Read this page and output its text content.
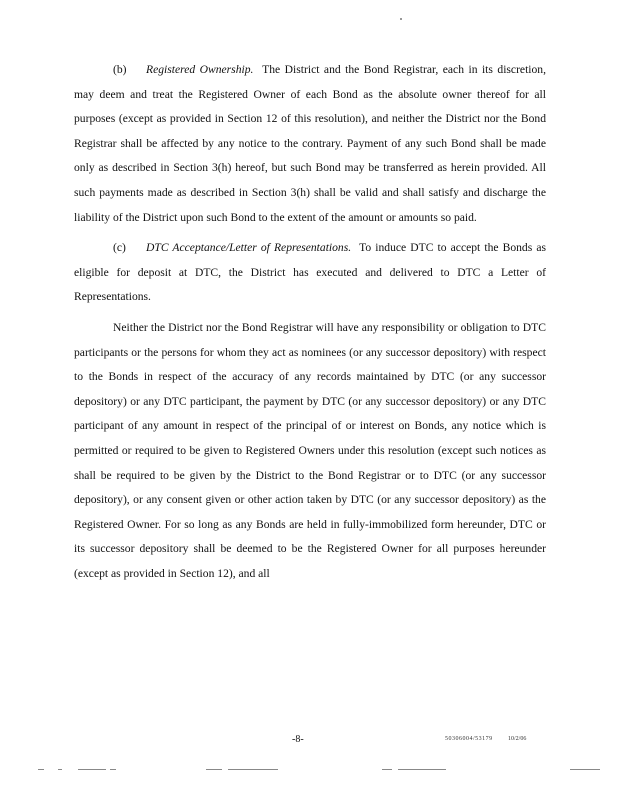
(b) Registered Ownership. The District and the Bond Registrar, each in its discretion, may deem and treat the Registered Owner of each Bond as the absolute owner thereof for all purposes (except as provided in Section 12 of this resolution), and neither the District nor the Bond Registrar shall be affected by any notice to the contrary. Payment of any such Bond shall be made only as described in Section 3(h) hereof, but such Bond may be transferred as herein provided. All such payments made as described in Section 3(h) shall be valid and shall satisfy and discharge the liability of the District upon such Bond to the extent of the amount or amounts so paid.

(c) DTC Acceptance/Letter of Representations. To induce DTC to accept the Bonds as eligible for deposit at DTC, the District has executed and delivered to DTC a Letter of Representations.

Neither the District nor the Bond Registrar will have any responsibility or obligation to DTC participants or the persons for whom they act as nominees (or any successor depository) with respect to the Bonds in respect of the accuracy of any records maintained by DTC (or any successor depository) or any DTC participant, the payment by DTC (or any successor depository) or any DTC participant of any amount in respect of the principal of or interest on Bonds, any notice which is permitted or required to be given to Registered Owners under this resolution (except such notices as shall be required to be given by the District to the Bond Registrar or to DTC (or any successor depository), or any consent given or other action taken by DTC (or any successor depository) as the Registered Owner. For so long as any Bonds are held in fully-immobilized form hereunder, DTC or its successor depository shall be deemed to be the Registered Owner for all purposes hereunder (except as provided in Section 12), and all

-8-	50306004/53179	10/2/06
